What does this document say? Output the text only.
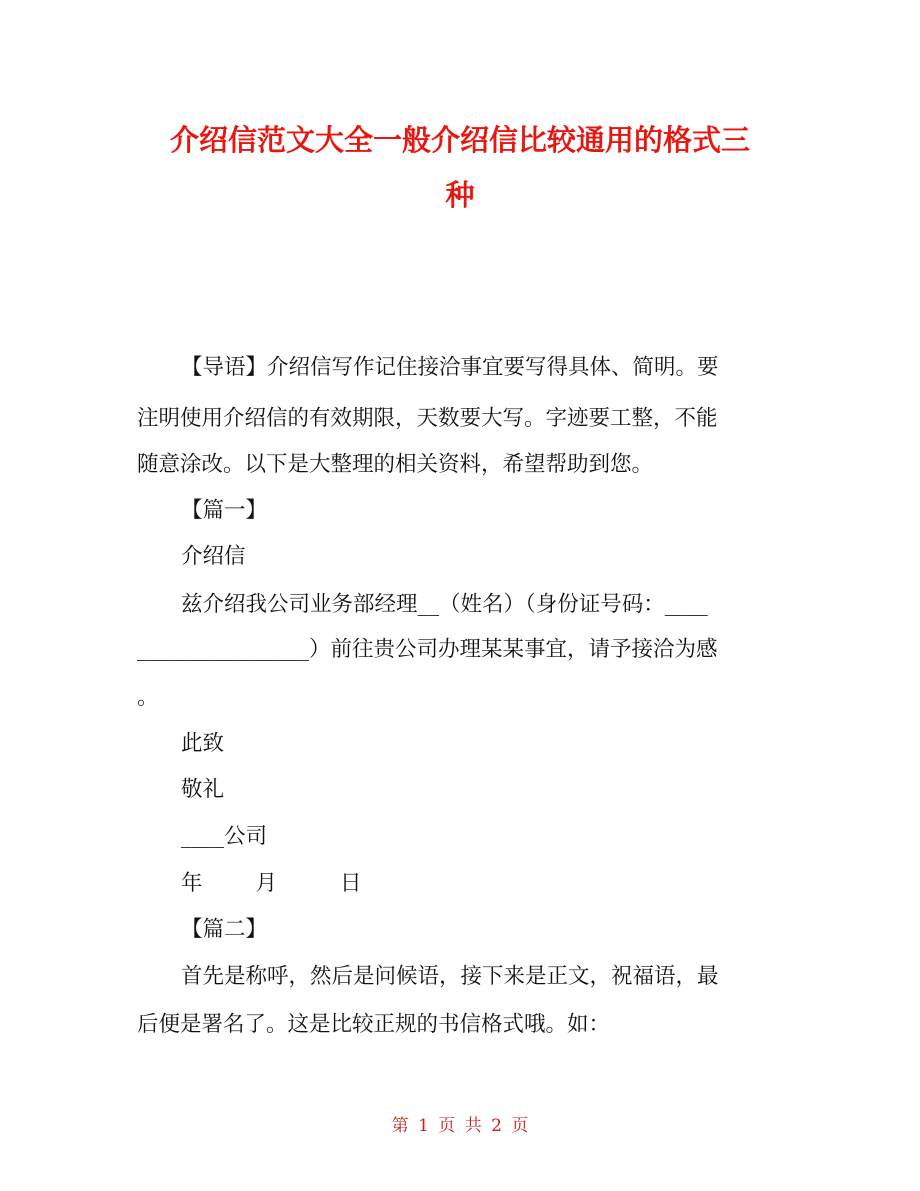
介绍信范文大全一般介绍信比较通用的格式三
种

【导语】介绍信写作记住接洽事宜要写得具体、简明。要

注明使用介绍信的有效期限，天数要大写。字迹要工整，不能

随意涂改。以下是大整理的相关资料，希望帮助到您。

【篇一】

介绍信

兹介绍我公司业务部经理__（姓名）（身份证号码：____

________________）前往贵公司办理某某事宜，请予接洽为感

。

此致

敬礼

____公司

年 月	日

【篇二】

首先是称呼，然后是问候语，接下来是正文，祝福语，最

后便是署名了。这是比较正规的书信格式哦。如：

第 1 页 共 2 页
